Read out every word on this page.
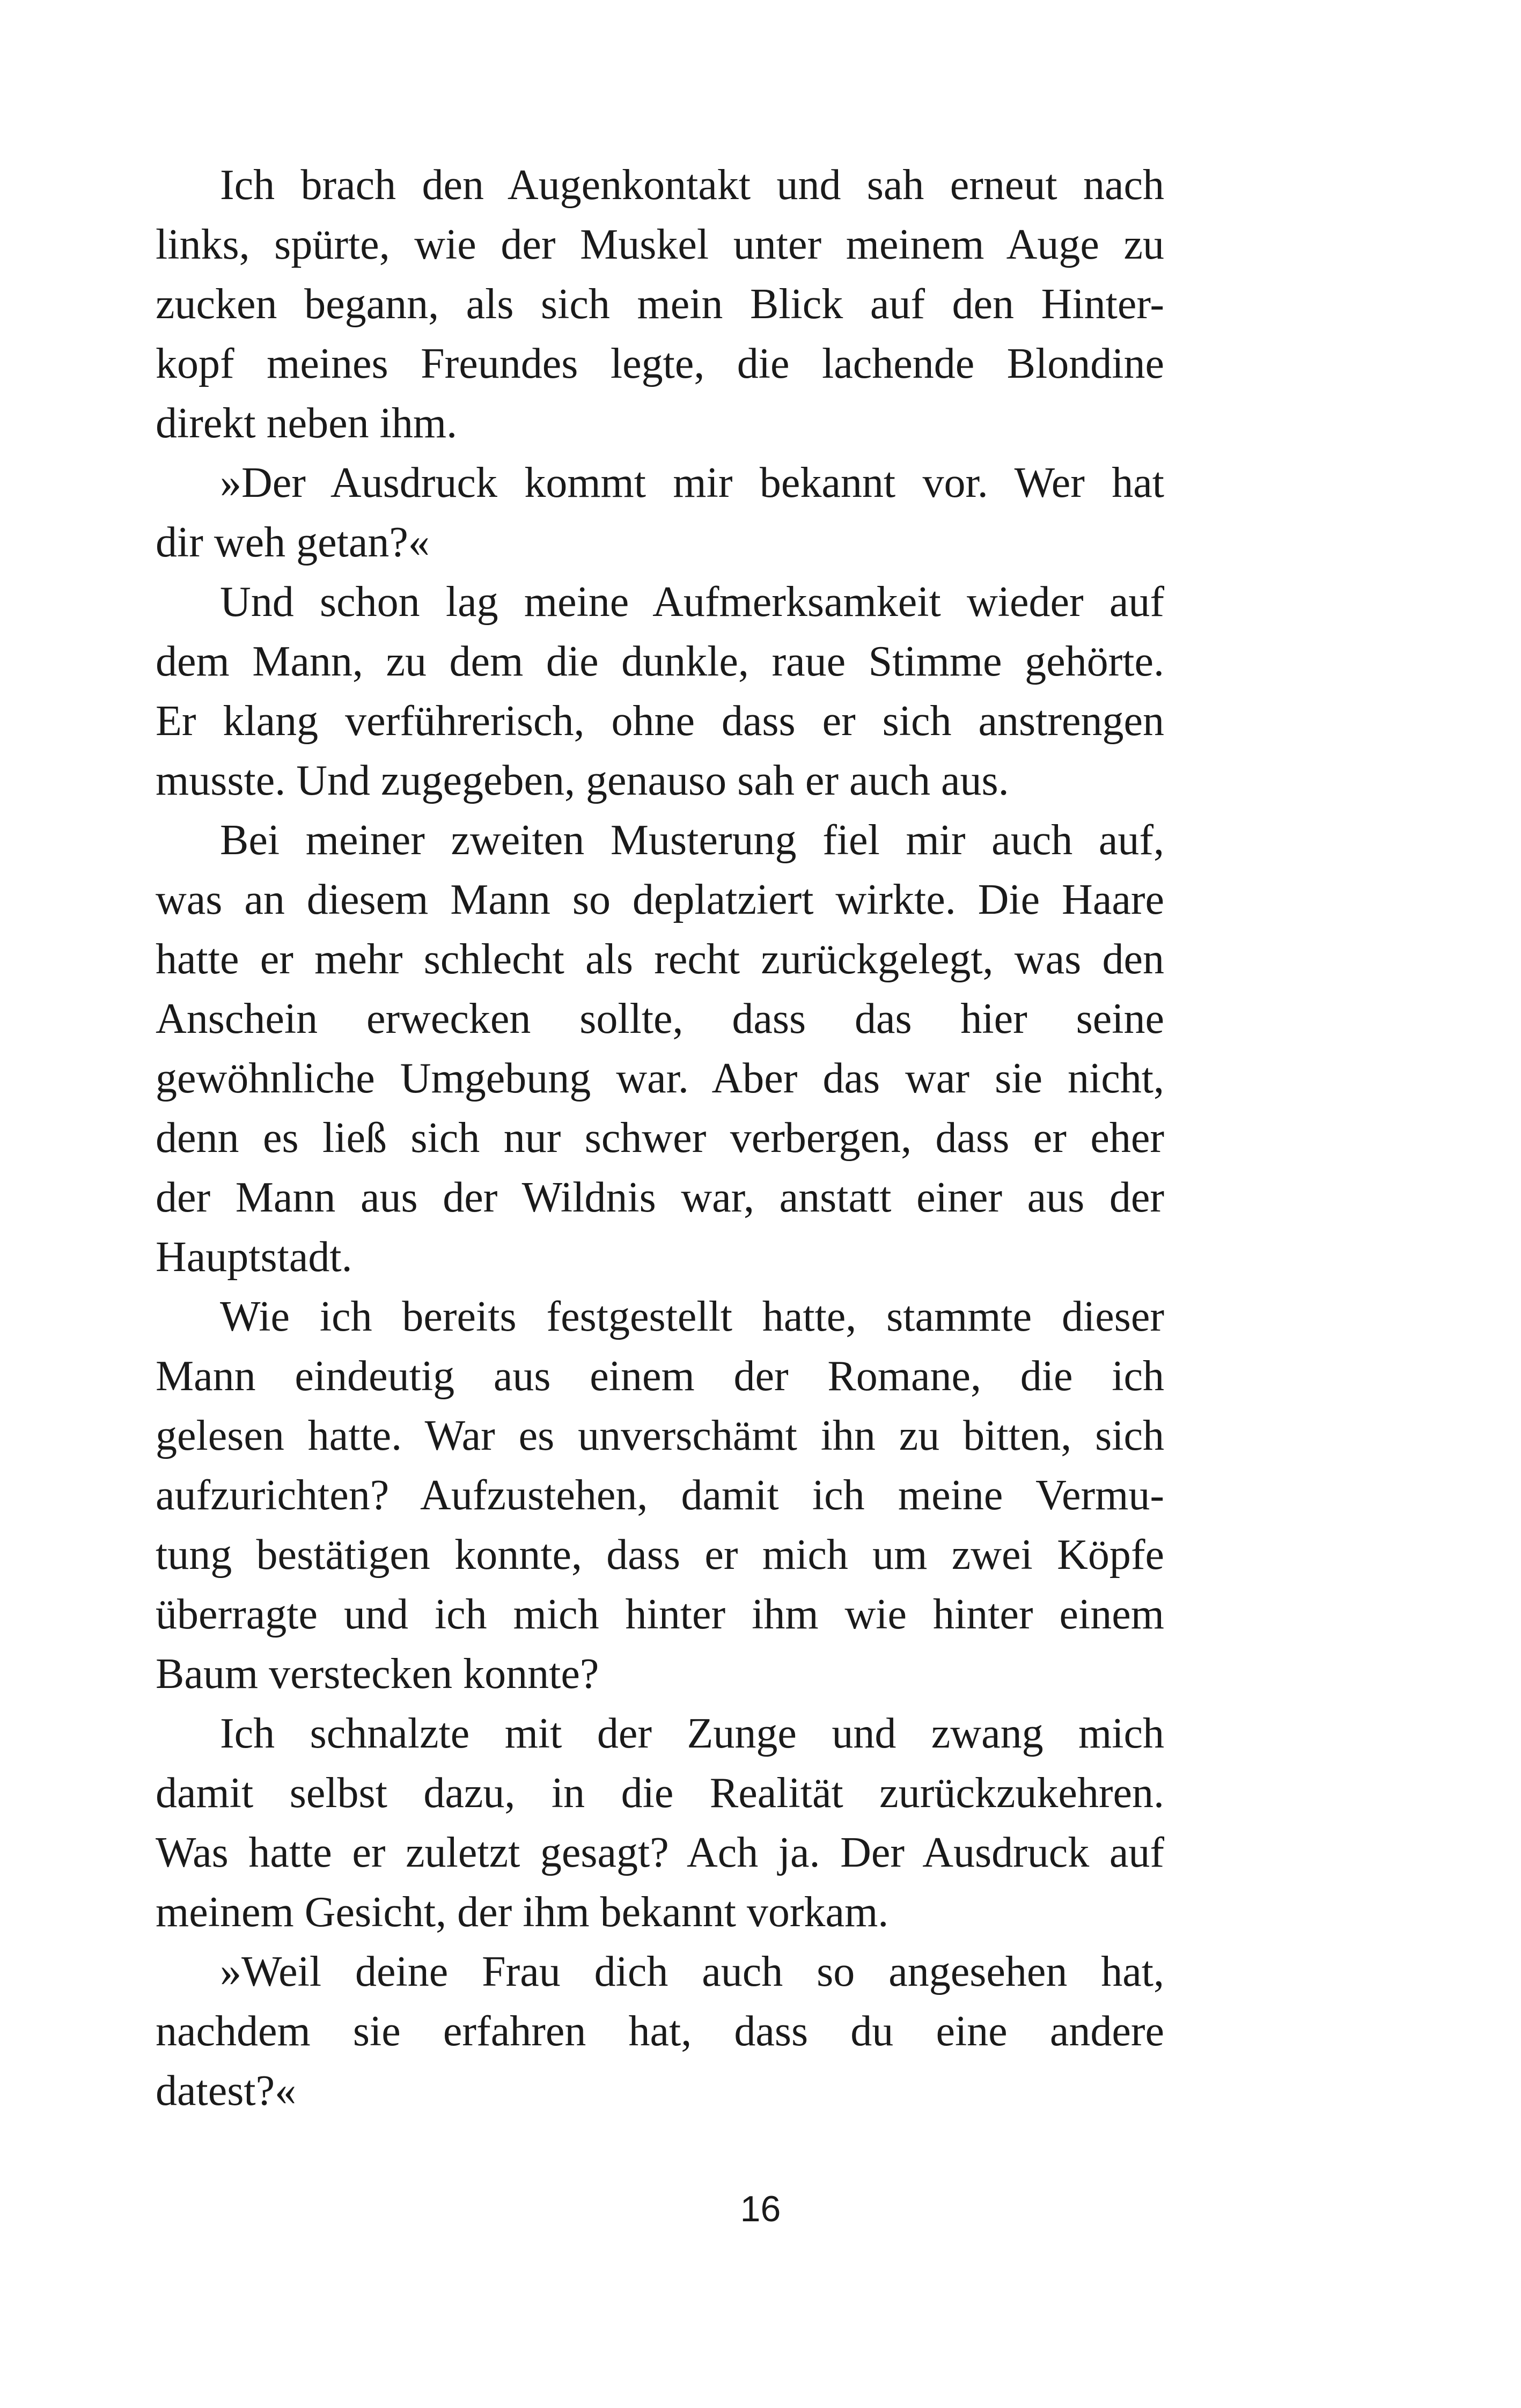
Ich brach den Augenkontakt und sah erneut nach
links, spürte, wie der Muskel unter meinem Auge zu
zucken begann, als sich mein Blick auf den Hinter-
kopf meines Freundes legte, die lachende Blondine
direkt neben ihm.
»Der Ausdruck kommt mir bekannt vor. Wer hat
dir weh getan?«
Und schon lag meine Aufmerksamkeit wieder auf
dem Mann, zu dem die dunkle, raue Stimme gehörte.
Er klang verführerisch, ohne dass er sich anstrengen
musste. Und zugegeben, genauso sah er auch aus.
Bei meiner zweiten Musterung fiel mir auch auf,
was an diesem Mann so deplatziert wirkte. Die Haare
hatte er mehr schlecht als recht zurückgelegt, was den
Anschein erwecken sollte, dass das hier seine
gewöhnliche Umgebung war. Aber das war sie nicht,
denn es ließ sich nur schwer verbergen, dass er eher
der Mann aus der Wildnis war, anstatt einer aus der
Hauptstadt.
Wie ich bereits festgestellt hatte, stammte dieser
Mann eindeutig aus einem der Romane, die ich
gelesen hatte. War es unverschämt ihn zu bitten, sich
aufzurichten? Aufzustehen, damit ich meine Vermu-
tung bestätigen konnte, dass er mich um zwei Köpfe
überragte und ich mich hinter ihm wie hinter einem
Baum verstecken konnte?
Ich schnalzte mit der Zunge und zwang mich
damit selbst dazu, in die Realität zurückzukehren.
Was hatte er zuletzt gesagt? Ach ja. Der Ausdruck auf
meinem Gesicht, der ihm bekannt vorkam.
»Weil deine Frau dich auch so angesehen hat,
nachdem sie erfahren hat, dass du eine andere
datest?«
16
